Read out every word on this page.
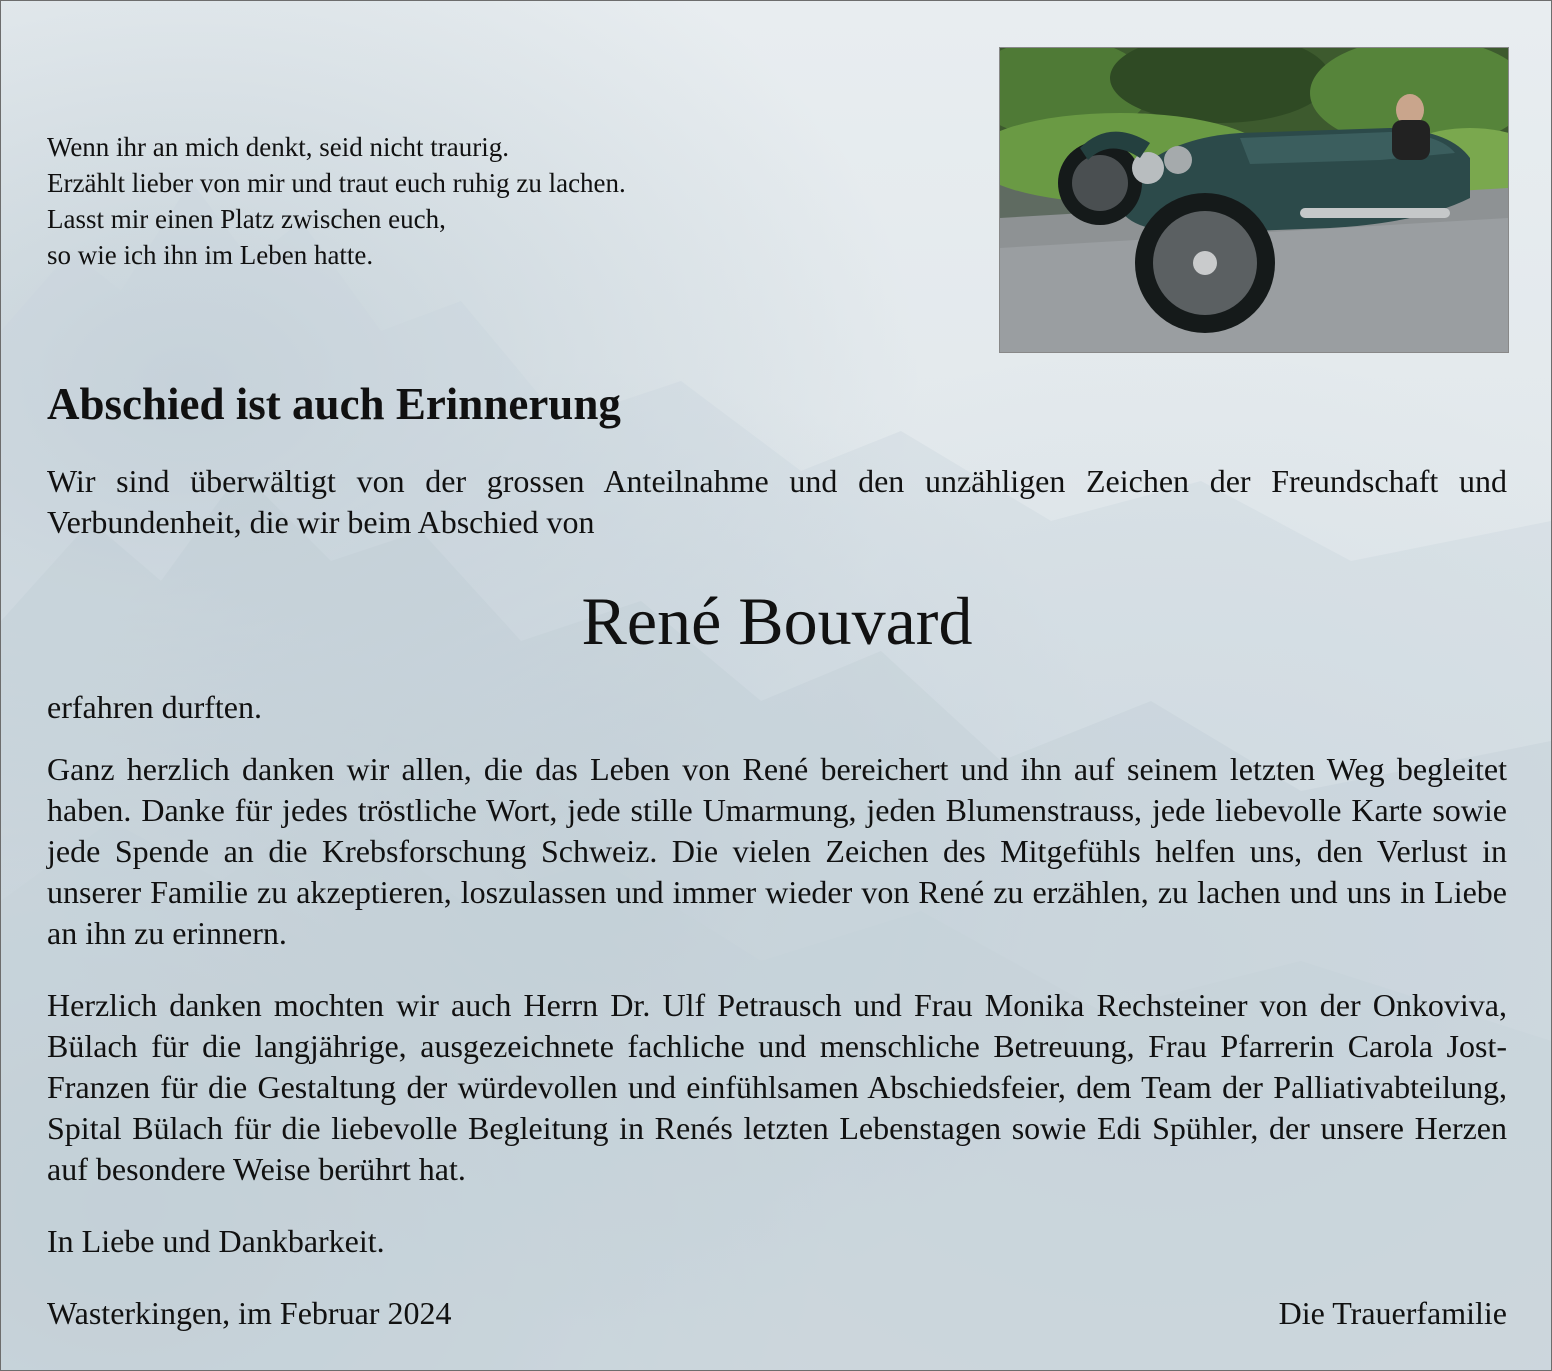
Wenn ihr an mich denkt, seid nicht traurig.
Erzählt lieber von mir und traut euch ruhig zu lachen.
Lasst mir einen Platz zwischen euch,
so wie ich ihn im Leben hatte.
Abschied ist auch Erinnerung
Wir sind überwältigt von der grossen Anteilnahme und den unzähligen Zeichen der Freundschaft und Verbundenheit, die wir beim Abschied von
René Bouvard
erfahren durften.
Ganz herzlich danken wir allen, die das Leben von René bereichert und ihn auf seinem letzten Weg begleitet haben. Danke für jedes tröstliche Wort, jede stille Umarmung, jeden Blumenstrauss, jede liebevolle Karte sowie jede Spende an die Krebsforschung Schweiz. Die vielen Zeichen des Mitgefühls helfen uns, den Verlust in unserer Familie zu akzeptieren, loszulassen und immer wieder von René zu erzählen, zu lachen und uns in Liebe an ihn zu erinnern.
Herzlich danken mochten wir auch Herrn Dr. Ulf Petrausch und Frau Monika Rechsteiner von der Onkoviva, Bülach für die langjährige, ausgezeichnete fachliche und menschliche Betreuung, Frau Pfarrerin Carola Jost-Franzen für die Gestaltung der würdevollen und einfühlsamen Abschiedsfeier, dem Team der Palliativabteilung, Spital Bülach für die liebevolle Begleitung in Renés letzten Lebenstagen sowie Edi Spühler, der unsere Herzen auf besondere Weise berührt hat.
In Liebe und Dankbarkeit.
Wasterkingen, im Februar 2024	Die Trauerfamilie
